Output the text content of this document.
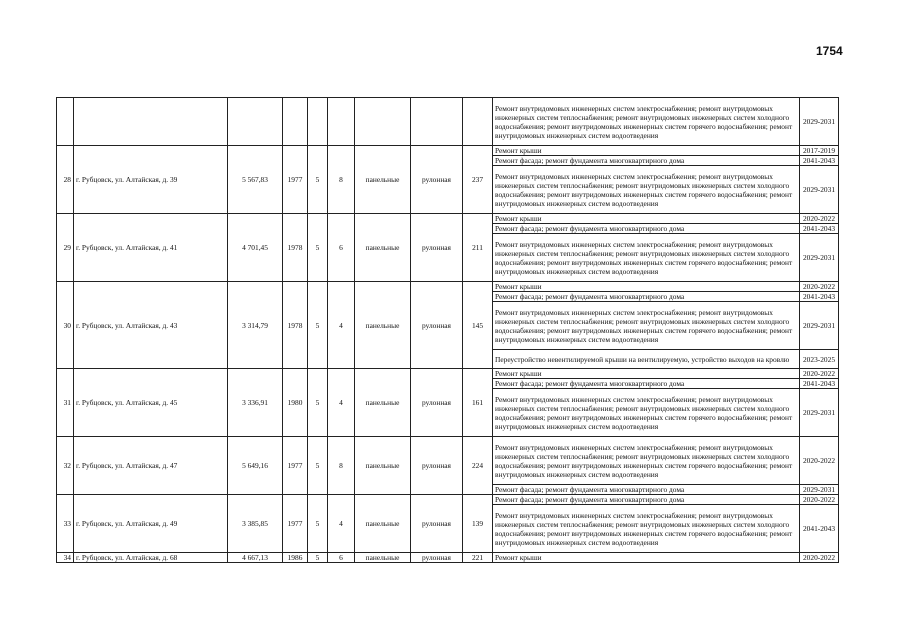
1754
									Ремонт внутридомовых инженерных систем электроснабжения; ремонт внутридомовых инженерных систем теплоснабжения; ремонт внутридомовых инженерных систем холодного водоснабжения; ремонт внутридомовых инженерных систем горячего водоснабжения; ремонт внутридомовых инженерных систем водоотведения	2029-2031
28	г. Рубцовск, ул. Алтайская, д. 39	5 567,83	1977	5	8	панельные	рулонная	237	Ремонт крыши	2017-2019
									Ремонт фасада; ремонт фундамента многоквартирного дома	2041-2043
									Ремонт внутридомовых инженерных систем электроснабжения; ремонт внутридомовых инженерных систем теплоснабжения; ремонт внутридомовых инженерных систем холодного водоснабжения; ремонт внутридомовых инженерных систем горячего водоснабжения; ремонт внутридомовых инженерных систем водоотведения	2029-2031
29	г. Рубцовск, ул. Алтайская, д. 41	4 701,45	1978	5	6	панельные	рулонная	211	Ремонт крыши	2020-2022
									Ремонт фасада; ремонт фундамента многоквартирного дома	2041-2043
									Ремонт внутридомовых инженерных систем электроснабжения; ремонт внутридомовых инженерных систем теплоснабжения; ремонт внутридомовых инженерных систем холодного водоснабжения; ремонт внутридомовых инженерных систем горячего водоснабжения; ремонт внутридомовых инженерных систем водоотведения	2029-2031
30	г. Рубцовск, ул. Алтайская, д. 43	3 314,79	1978	5	4	панельные	рулонная	145	Ремонт крыши	2020-2022
									Ремонт фасада; ремонт фундамента многоквартирного дома	2041-2043
									Ремонт внутридомовых инженерных систем электроснабжения; ремонт внутридомовых инженерных систем теплоснабжения; ремонт внутридомовых инженерных систем холодного водоснабжения; ремонт внутридомовых инженерных систем горячего водоснабжения; ремонт внутридомовых инженерных систем водоотведения	2029-2031
									Переустройство невентилируемой крыши на вентилируемую, устройство выходов на кровлю	2023-2025
31	г. Рубцовск, ул. Алтайская, д. 45	3 336,91	1980	5	4	панельные	рулонная	161	Ремонт крыши	2020-2022
									Ремонт фасада; ремонт фундамента многоквартирного дома	2041-2043
									Ремонт внутридомовых инженерных систем электроснабжения; ремонт внутридомовых инженерных систем теплоснабжения; ремонт внутридомовых инженерных систем холодного водоснабжения; ремонт внутридомовых инженерных систем горячего водоснабжения; ремонт внутридомовых инженерных систем водоотведения	2029-2031
32	г. Рубцовск, ул. Алтайская, д. 47	5 649,16	1977	5	8	панельные	рулонная	224	Ремонт внутридомовых инженерных систем электроснабжения; ремонт внутридомовых инженерных систем теплоснабжения; ремонт внутридомовых инженерных систем холодного водоснабжения; ремонт внутридомовых инженерных систем горячего водоснабжения; ремонт внутридомовых инженерных систем водоотведения	2020-2022
									Ремонт фасада; ремонт фундамента многоквартирного дома	2029-2031
33	г. Рубцовск, ул. Алтайская, д. 49	3 385,85	1977	5	4	панельные	рулонная	139	Ремонт фасада; ремонт фундамента многоквартирного дома	2020-2022
									Ремонт внутридомовых инженерных систем электроснабжения; ремонт внутридомовых инженерных систем теплоснабжения; ремонт внутридомовых инженерных систем холодного водоснабжения; ремонт внутридомовых инженерных систем горячего водоснабжения; ремонт внутридомовых инженерных систем водоотведения	2041-2043
34	г. Рубцовск, ул. Алтайская, д. 68	4 667,13	1986	5	6	панельные	рулонная	221	Ремонт крыши	2020-2022
